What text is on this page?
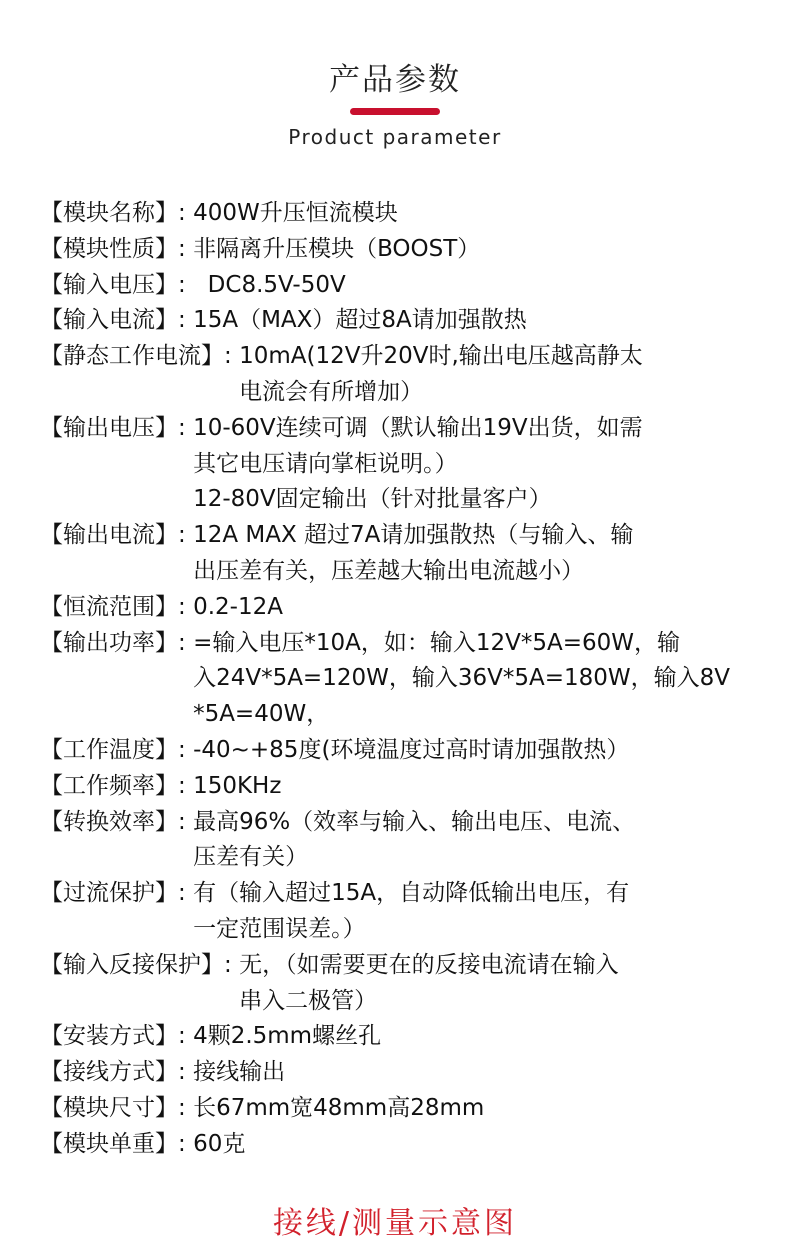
产品参数
Product parameter
【模块名称】 : 400W升压恒流模块
【模块性质】 : 非隔离升压模块（BOOST）
【输入电压】 : DC8.5V-50V
【输入电流】 : 15A（MAX）超过8A请加强散热
【静态工作电流】 : 10mA(12V升20V时,输出电压越高静太
电流会有所增加）
【输出电压】 : 10-60V连续可调（默认输出19V出货，如需
其它电压请向掌柜说明。）
12-80V固定输出（针对批量客户）
【输出电流】 : 12A MAX 超过7A请加强散热（与输入、输
出压差有关，压差越大输出电流越小）
【恒流范围】 : 0.2-12A
【输出功率】 : =输入电压*10A，如：输入12V*5A=60W，输
入24V*5A=120W，输入36V*5A=180W，输入8V
*5A=40W，
【工作温度】 : -40~+85度(环境温度过高时请加强散热）
【工作频率】 : 150KHz
【转换效率】 : 最高96%（效率与输入、输出电压、电流、
压差有关）
【过流保护】 : 有（输入超过15A，自动降低输出电压，有
一定范围误差。）
【输入反接保护】 : 无，（如需要更在的反接电流请在输入
串入二极管）
【安装方式】 : 4颗2.5mm螺丝孔
【接线方式】 : 接线输出
【模块尺寸】 : 长67mm宽48mm高28mm
【模块单重】 : 60克
接线/测量示意图
